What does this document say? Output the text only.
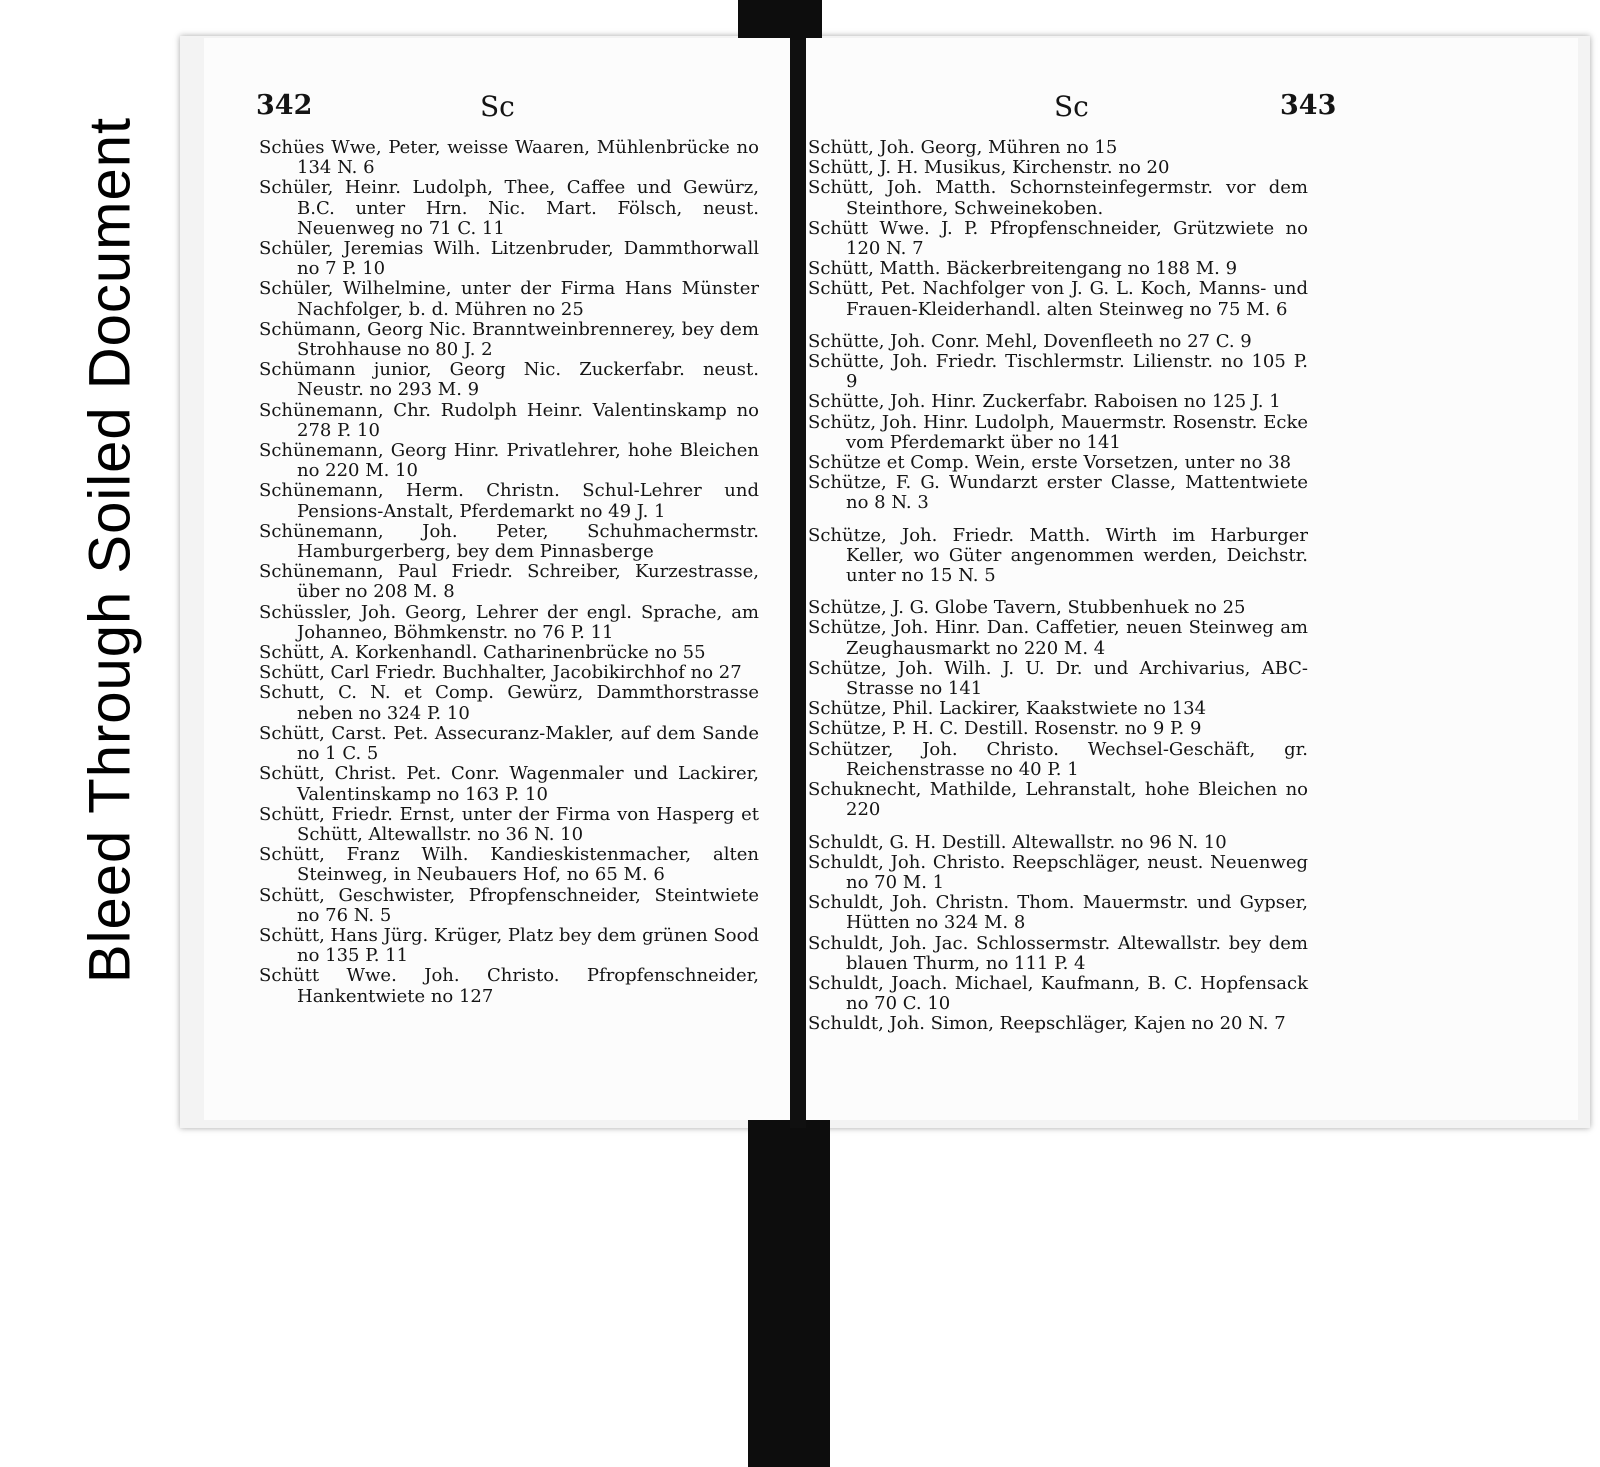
Bleed Through Soiled Document
342	Sc
Schües Wwe, Peter, weisse Waaren, Mühlenbrücke no 134 N. 6
Schüler, Heinr. Ludolph, Thee, Caffee und Gewürz, B.C. unter Hrn. Nic. Mart. Fölsch, neust. Neuenweg no 71 C. 11
Schüler, Jeremias Wilh. Litzenbruder, Dammthorwall no 7 P. 10
Schüler, Wilhelmine, unter der Firma Hans Münster Nachfolger, b. d. Mühren no 25
Schümann, Georg Nic. Branntweinbrennerey, bey dem Strohhause no 80 J. 2
Schümann junior, Georg Nic. Zuckerfabr. neust. Neustr. no 293 M. 9
Schünemann, Chr. Rudolph Heinr. Valentinskamp no 278 P. 10
Schünemann, Georg Hinr. Privatlehrer, hohe Bleichen no 220 M. 10
Schünemann, Herm. Christn. Schul-Lehrer und Pensions-Anstalt, Pferdemarkt no 49 J. 1
Schünemann, Joh. Peter, Schuhmachermstr. Hamburgerberg, bey dem Pinnasberge
Schünemann, Paul Friedr. Schreiber, Kurzestrasse, über no 208 M. 8
Schüssler, Joh. Georg, Lehrer der engl. Sprache, am Johanneo, Böhmkenstr. no 76 P. 11
Schütt, A. Korkenhandl. Catharinenbrücke no 55
Schütt, Carl Friedr. Buchhalter, Jacobikirchhof no 27
Schutt, C. N. et Comp. Gewürz, Dammthorstrasse neben no 324 P. 10
Schütt, Carst. Pet. Assecuranz-Makler, auf dem Sande no 1 C. 5
Schütt, Christ. Pet. Conr. Wagenmaler und Lackirer, Valentinskamp no 163 P. 10
Schütt, Friedr. Ernst, unter der Firma von Hasperg et Schütt, Altewallstr. no 36 N. 10
Schütt, Franz Wilh. Kandieskistenmacher, alten Steinweg, in Neubauers Hof, no 65 M. 6
Schütt, Geschwister, Pfropfenschneider, Steintwiete no 76 N. 5
Schütt, Hans Jürg. Krüger, Platz bey dem grünen Sood no 135 P. 11
Schütt Wwe. Joh. Christo. Pfropfenschneider, Hankentwiete no 127
Sc	343
Schütt, Joh. Georg, Mühren no 15
Schütt, J. H. Musikus, Kirchenstr. no 20
Schütt, Joh. Matth. Schornsteinfegermstr. vor dem Steinthore, Schweinekoben.
Schütt Wwe. J. P. Pfropfenschneider, Grützwiete no 120 N. 7
Schütt, Matth. Bäckerbreitengang no 188 M. 9
Schütt, Pet. Nachfolger von J. G. L. Koch, Manns- und Frauen-Kleiderhandl. alten Steinweg no 75 M. 6
Schütte, Joh. Conr. Mehl, Dovenfleeth no 27 C. 9
Schütte, Joh. Friedr. Tischlermstr. Lilienstr. no 105 P. 9
Schütte, Joh. Hinr. Zuckerfabr. Raboisen no 125 J. 1
Schütz, Joh. Hinr. Ludolph, Mauermstr. Rosenstr. Ecke vom Pferdemarkt über no 141
Schütze et Comp. Wein, erste Vorsetzen, unter no 38
Schütze, F. G. Wundarzt erster Classe, Mattentwiete no 8 N. 3
Schütze, Joh. Friedr. Matth. Wirth im Harburger Keller, wo Güter angenommen werden, Deichstr. unter no 15 N. 5
Schütze, J. G. Globe Tavern, Stubbenhuek no 25
Schütze, Joh. Hinr. Dan. Caffetier, neuen Steinweg am Zeughausmarkt no 220 M. 4
Schütze, Joh. Wilh. J. U. Dr. und Archivarius, ABC-Strasse no 141
Schütze, Phil. Lackirer, Kaakstwiete no 134
Schütze, P. H. C. Destill. Rosenstr. no 9 P. 9
Schützer, Joh. Christo. Wechsel-Geschäft, gr. Reichenstrasse no 40 P. 1
Schuknecht, Mathilde, Lehranstalt, hohe Bleichen no 220
Schuldt, G. H. Destill. Altewallstr. no 96 N. 10
Schuldt, Joh. Christo. Reepschläger, neust. Neuenweg no 70 M. 1
Schuldt, Joh. Christn. Thom. Mauermstr. und Gypser, Hütten no 324 M. 8
Schuldt, Joh. Jac. Schlossermstr. Altewallstr. bey dem blauen Thurm, no 111 P. 4
Schuldt, Joach. Michael, Kaufmann, B. C. Hopfensack no 70 C. 10
Schuldt, Joh. Simon, Reepschläger, Kajen no 20 N. 7
